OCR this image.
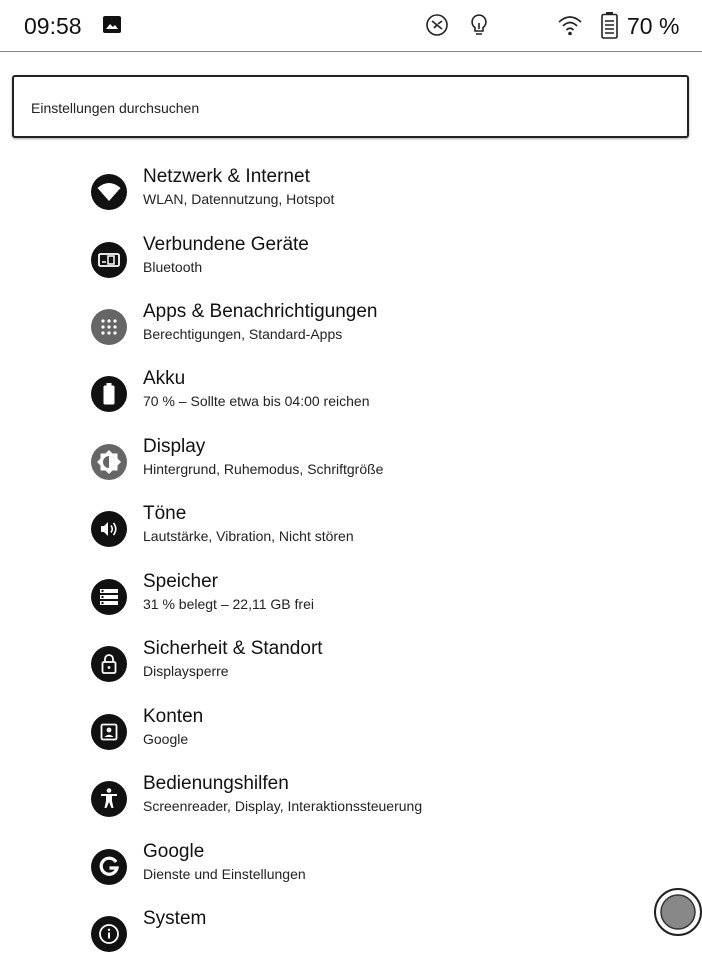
09:58	70 %
Einstellungen durchsuchen
Netzwerk & Internet
WLAN, Datennutzung, Hotspot
Verbundene Geräte
Bluetooth
Apps & Benachrichtigungen
Berechtigungen, Standard-Apps
Akku
70 % – Sollte etwa bis 04:00 reichen
Display
Hintergrund, Ruhemodus, Schriftgröße
Töne
Lautstärke, Vibration, Nicht stören
Speicher
31 % belegt – 22,11 GB frei
Sicherheit & Standort
Displaysperre
Konten
Google
Bedienungshilfen
Screenreader, Display, Interaktionssteuerung
Google
Dienste und Einstellungen
System
